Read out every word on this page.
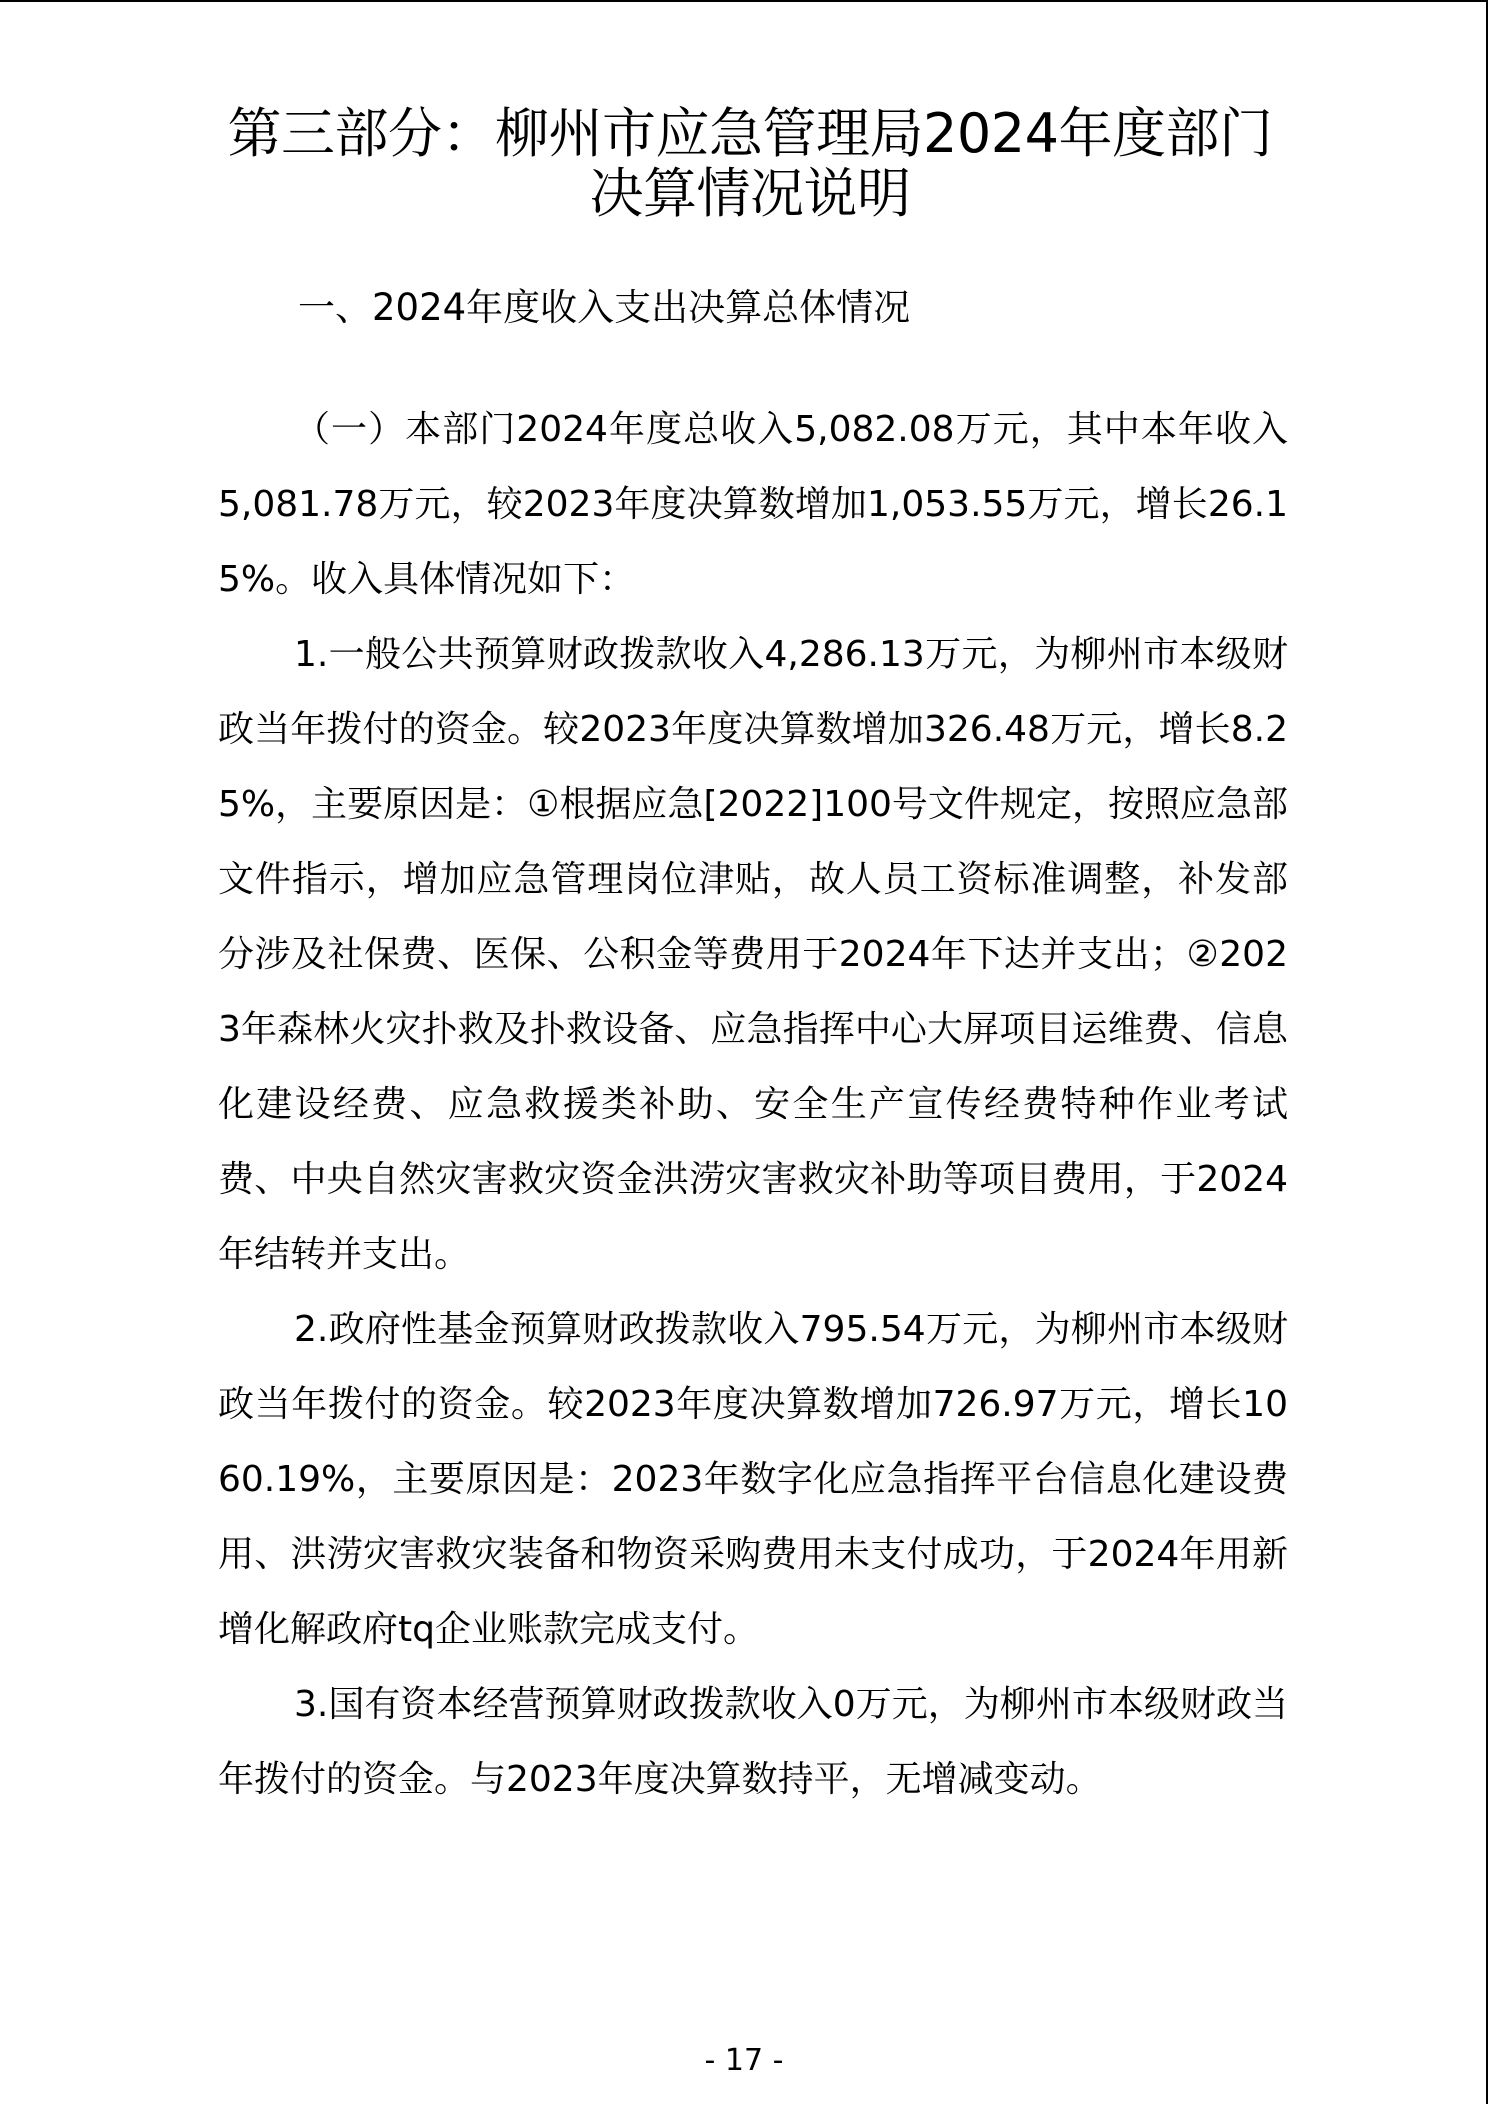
第三部分：柳州市应急管理局2024年度部门
决算情况说明
一、2024年度收入支出决算总体情况

（一）本部门2024年度总收入5,082.08万元，其中本年收入5,081.78万元，较2023年度决算数增加1,053.55万元，增长26.15%。收入具体情况如下：

1.一般公共预算财政拨款收入4,286.13万元，为柳州市本级财政当年拨付的资金。较2023年度决算数增加326.48万元，增长8.25%，主要原因是：①根据应急[2022]100号文件规定，按照应急部文件指示，增加应急管理岗位津贴，故人员工资标准调整，补发部分涉及社保费、医保、公积金等费用于2024年下达并支出；②2023年森林火灾扑救及扑救设备、应急指挥中心大屏项目运维费、信息化建设经费、应急救援类补助、安全生产宣传经费特种作业考试费、中央自然灾害救灾资金洪涝灾害救灾补助等项目费用，于2024年结转并支出。

2.政府性基金预算财政拨款收入795.54万元，为柳州市本级财政当年拨付的资金。较2023年度决算数增加726.97万元，增长1060.19%，主要原因是：2023年数字化应急指挥平台信息化建设费用、洪涝灾害救灾装备和物资采购费用未支付成功，于2024年用新增化解政府tq企业账款完成支付。

3.国有资本经营预算财政拨款收入0万元，为柳州市本级财政当年拨付的资金。与2023年度决算数持平，无增减变动。

- 17 -
